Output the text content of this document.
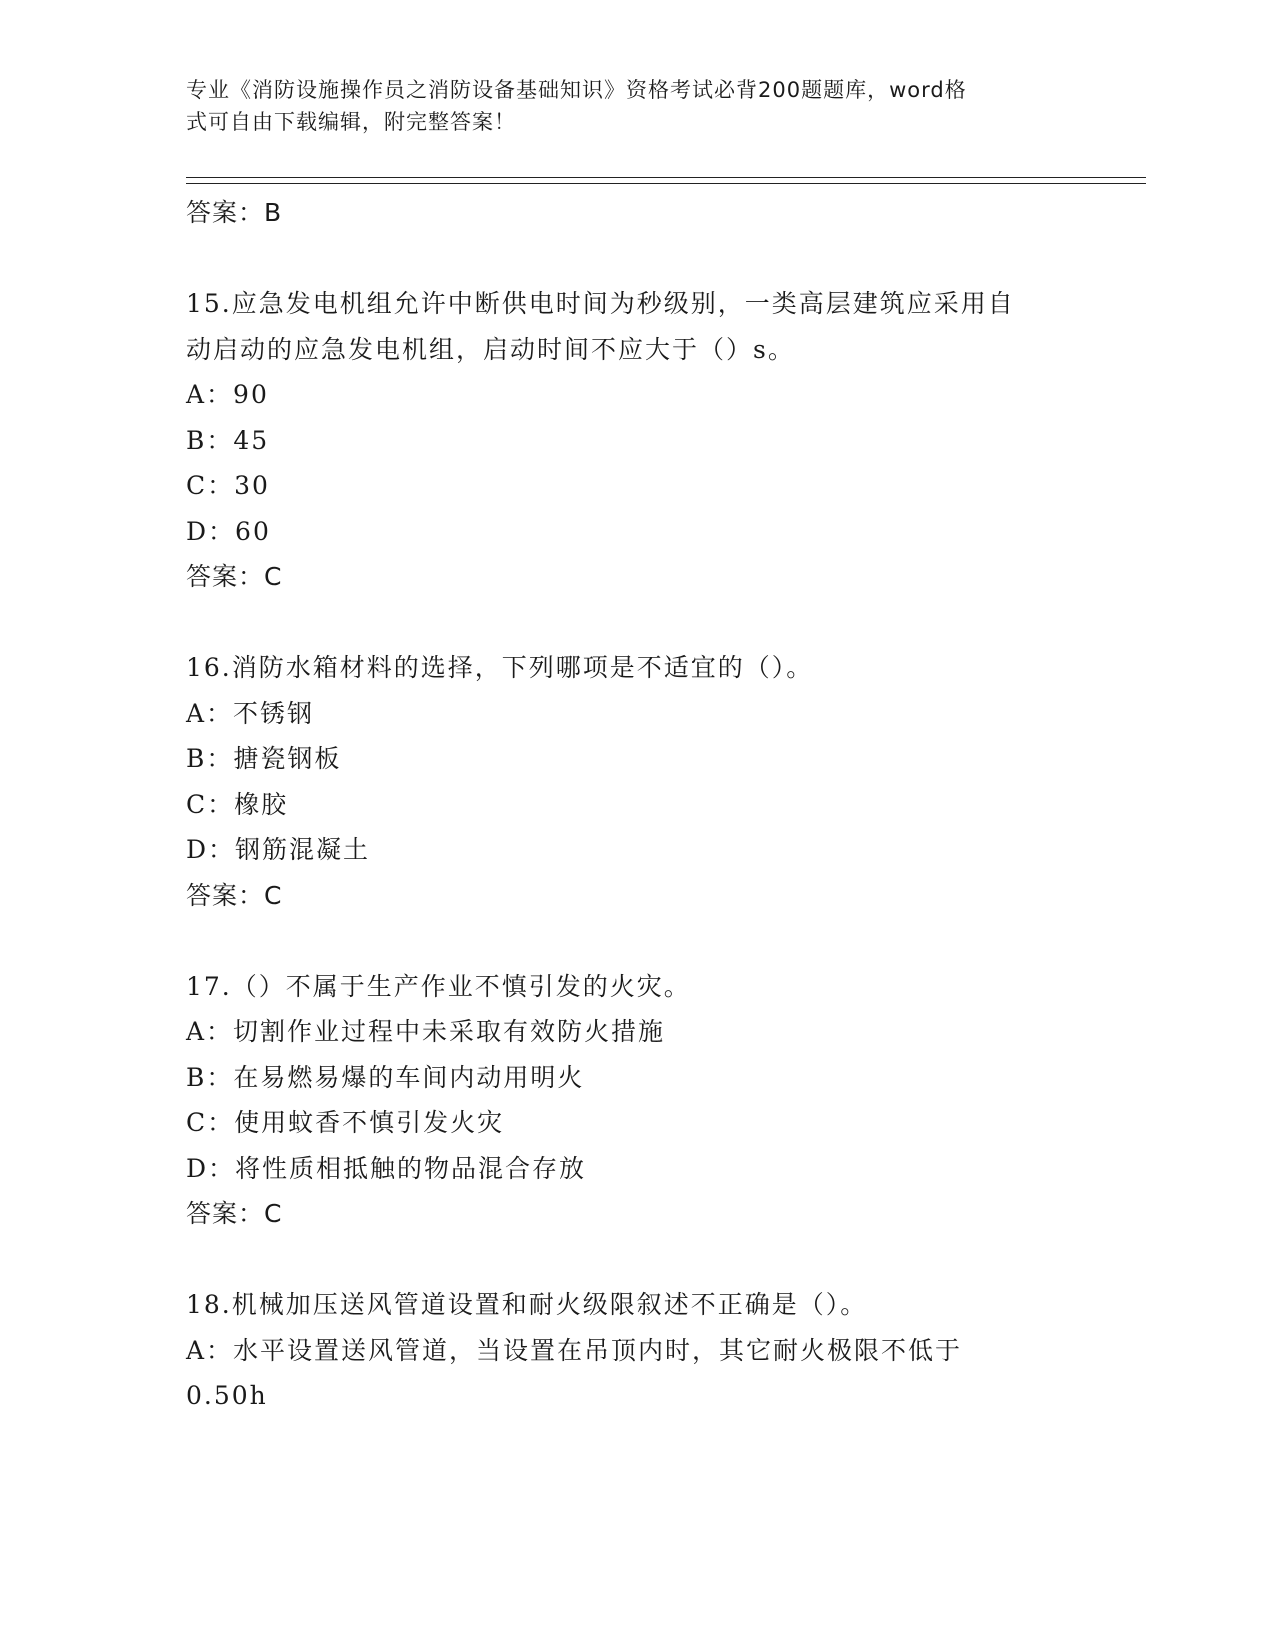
专业《消防设施操作员之消防设备基础知识》资格考试必背200题题库，word格
式可自由下载编辑，附完整答案！
答案：B
15.应急发电机组允许中断供电时间为秒级别，一类高层建筑应采用自
动启动的应急发电机组，启动时间不应大于（）s。
A：90
B：45
C：30
D：60
答案：C
16.消防水箱材料的选择，下列哪项是不适宜的（）。
A：不锈钢
B：搪瓷钢板
C：橡胶
D：钢筋混凝土
答案：C
17.（）不属于生产作业不慎引发的火灾。
A：切割作业过程中未采取有效防火措施
B：在易燃易爆的车间内动用明火
C：使用蚊香不慎引发火灾
D：将性质相抵触的物品混合存放
答案：C
18.机械加压送风管道设置和耐火级限叙述不正确是（）。
A：水平设置送风管道，当设置在吊顶内时，其它耐火极限不低于
0.50h
